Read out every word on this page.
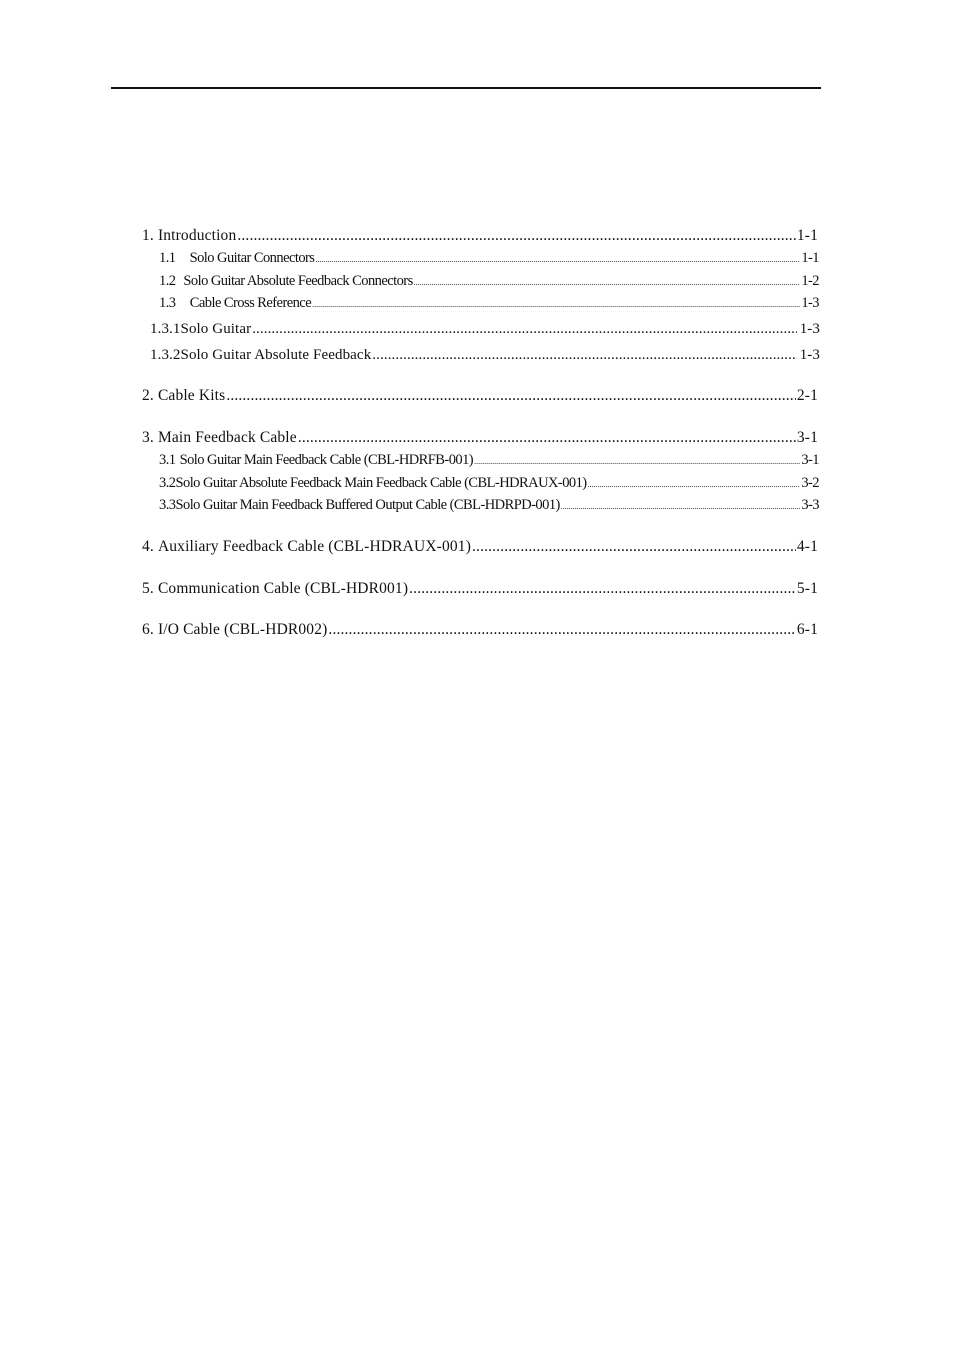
1. Introduction .....	1-1
1.1 Solo Guitar Connectors .....	1-1
1.2 Solo Guitar Absolute Feedback Connectors .....	1-2
1.3 Cable Cross Reference .....	1-3
1.3.1 Solo Guitar .....	1-3
1.3.2 Solo Guitar Absolute Feedback .....	1-3
2. Cable Kits .....	2-1
3. Main Feedback Cable .....	3-1
3.1 Solo Guitar Main Feedback Cable (CBL-HDRFB-001) .....	3-1
3.2 Solo Guitar Absolute Feedback Main Feedback Cable (CBL-HDRAUX-001) .....	3-2
3.3 Solo Guitar Main Feedback Buffered Output Cable (CBL-HDRPD-001) .....	3-3
4. Auxiliary Feedback Cable (CBL-HDRAUX-001) .....	4-1
5. Communication Cable (CBL-HDR001) .....	5-1
6. I/O Cable (CBL-HDR002) .....	6-1
